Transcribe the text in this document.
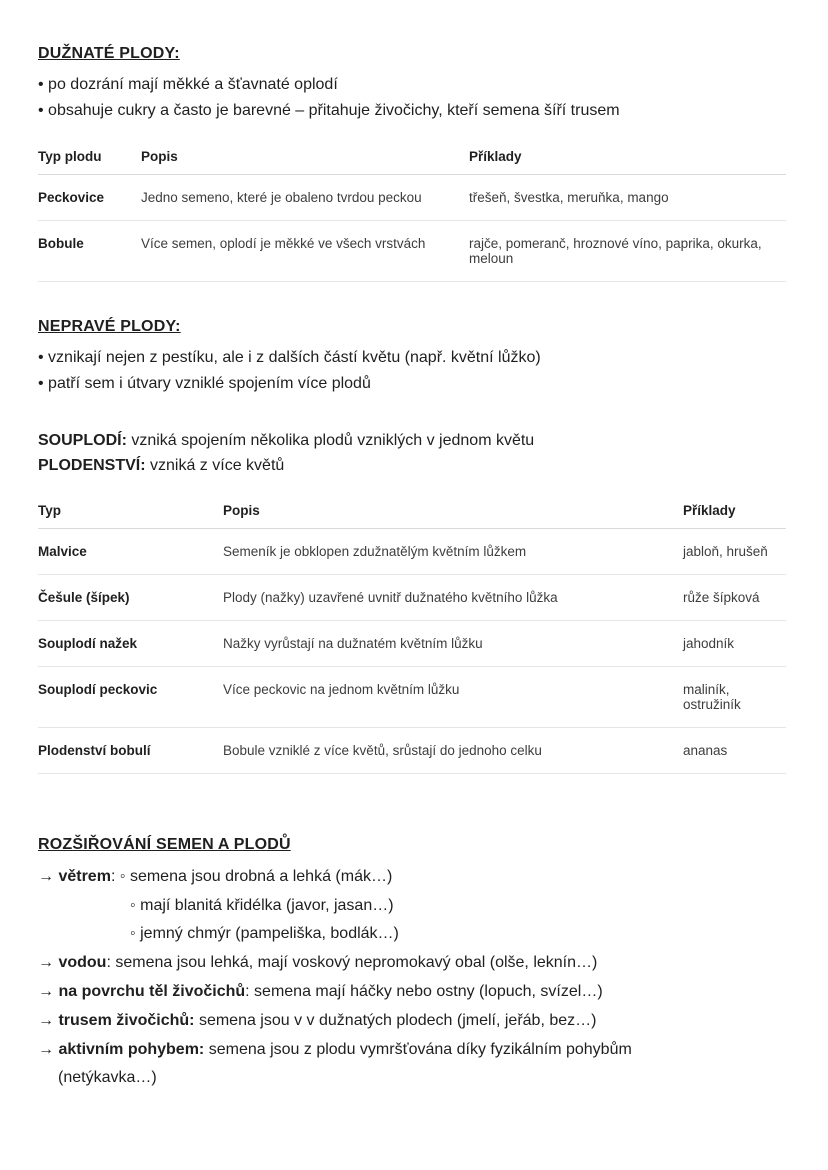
DUŽNATÉ PLODY:

• po dozrání mají měkké a šťavnaté oplodí

• obsahuje cukry a často je barevné – přitahuje živočichy, kteří semena šíří trusem

Typ plodu	Popis	Příklady
Peckovice	Jedno semeno, které je obaleno tvrdou peckou	třešeň, švestka, meruňka, mango
Bobule	Více semen, oplodí je měkké ve všech vrstvách	rajče, pomeranč, hroznové víno, paprika, okurka, meloun
NEPRAVÉ PLODY:

• vznikají nejen z pestíku, ale i z dalších částí květu (např. květní lůžko)

• patří sem i útvary vzniklé spojením více plodů

SOUPLODÍ: vzniká spojením několika plodů vzniklých v jednom květu

PLODENSTVÍ: vzniká z více květů

Typ	Popis	Příklady
Malvice	Semeník je obklopen zdužnatělým květním lůžkem	jabloň, hrušeň
Češule (šípek)	Plody (nažky) uzavřené uvnitř dužnatého květního lůžka	růže šípková
Souplodí nažek	Nažky vyrůstají na dužnatém květním lůžku	jahodník
Souplodí peckovic	Více peckovic na jednom květním lůžku	maliník, ostružiník
Plodenství bobulí	Bobule vzniklé z více květů, srůstají do jednoho celku	ananas
ROZŠIŘOVÁNÍ SEMEN A PLODŮ

→ větrem: ◦ semena jsou drobná a lehká (mák…)

◦ mají blanitá křidélka (javor, jasan…)

◦ jemný chmýr (pampeliška, bodlák…)

→ vodou: semena jsou lehká, mají voskový nepromokavý obal (olše, leknín…)

→ na povrchu těl živočichů: semena mají háčky nebo ostny (lopuch, svízel…)

→ trusem živočichů: semena jsou v v dužnatých plodech (jmelí, jeřáb, bez…)

→ aktivním pohybem: semena jsou z plodu vymršťována díky fyzikálním pohybům

(netýkavka…)
